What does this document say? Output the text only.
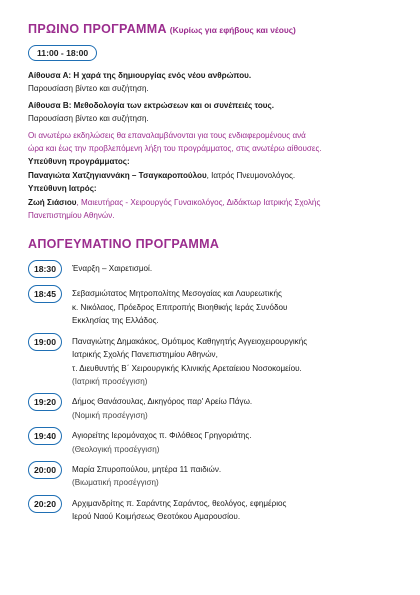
ΠΡΩΙΝΟ ΠΡΟΓΡΑΜΜΑ (Κυρίως για εφήβους και νέους)
11:00 - 18:00
Αίθουσα Α: Η χαρά της δημιουργίας ενός νέου ανθρώπου.
Παρουσίαση βίντεο και συζήτηση.
Αίθουσα Β: Μεθοδολογία των εκτρώσεων και οι συνέπειές τους.
Παρουσίαση βίντεο και συζήτηση.
Οι ανωτέρω εκδηλώσεις θα επαναλαμβάνονται για τους ενδιαφερομένους ανά
ώρα και έως την προβλεπόμενη λήξη του προγράμματος, στις ανωτέρω αίθουσες.
Υπεύθυνη προγράμματος:
Παναγιώτα Χατζηγιαννάκη – Τσαγκαροπούλου, Ιατρός Πνευμονολόγος.
Υπεύθυνη Ιατρός:
Ζωή Σιάσιου, Μαιευτήρας - Χειρουργός Γυναικολόγος, Διδάκτωρ Ιατρικής Σχολής
Πανεπιστημίου Αθηνών.
ΑΠΟΓΕΥΜΑΤΙΝΟ ΠΡΟΓΡΑΜΜΑ
18:30	Έναρξη – Χαιρετισμοί.
18:45	Σεβασμιώτατος Μητροπολίτης Μεσογαίας και Λαυρεωτικής
κ. Νικόλαος, Πρόεδρος Επιτροπής Βιοηθικής Ιεράς Συνόδου
Εκκλησίας της Ελλάδος.
19:00	Παναγιώτης Δημακάκος, Ομότιμος Καθηγητής Αγγειοχειρουργικής
Ιατρικής Σχολής Πανεπιστημίου Αθηνών,
τ. Διευθυντής Β΄ Χειρουργικής Κλινικής Αρεταίειου Νοσοκομείου.
(Ιατρική προσέγγιση)
19:20	Δήμος Θανάσουλας, Δικηγόρος παρ' Αρείω Πάγω.
(Νομική προσέγγιση)
19:40	Αγιορείτης Ιερομόναχος π. Φιλόθεος Γρηγοριάτης.
(Θεολογική προσέγγιση)
20:00	Μαρία Σπυροπούλου, μητέρα 11 παιδιών.
(Βιωματική προσέγγιση)
20:20	Αρχιμανδρίτης π. Σαράντης Σαράντος, θεολόγος, εφημέριος
Ιερού Ναού Κοιμήσεως Θεοτόκου Αμαρουσίου.
